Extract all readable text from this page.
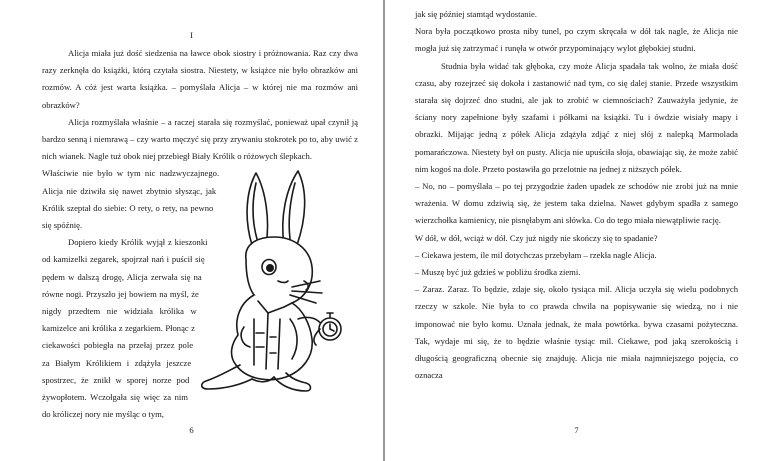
I

Alicja miała już dość siedzenia na ławce obok siostry i próżnowania. Raz czy dwa razy zerknęła do książki, którą czytała siostra. Niestety, w książce nie było obrazków ani rozmów. A cóż jest warta książka. – pomyślała Alicja – w której nie ma rozmów ani obrazków?

Alicja rozmyślała właśnie – a raczej starała się rozmyślać, ponieważ upał czynił ją bardzo senną i niemrawą – czy warto męczyć się przy zrywaniu stokrotek po to, aby uwić z nich wianek. Nagle tuż obok niej przebiegł Biały Królik o różowych ślepkach.

Właściwie nie było w tym nic nadzwyczajnego. Alicja nie dziwiła się nawet zbytnio słysząc, jak Królik szeptał do siebie: O rety, o rety, na pewno się spóźnię.

Dopiero kiedy Królik wyjął z kieszonki od kamizelki zegarek, spojrzał nań i puścił się pędem w dalszą drogę, Alicja zerwała się na równe nogi. Przyszło jej bowiem na myśl, że nigdy przedtem nie widziała królika w kamizelce ani królika z zegarkiem. Płonąc z ciekawości pobiegła na przełaj przez pole za Białym Królikiem i zdążyła jeszcze spostrzec, że znikł w sporej norze pod żywopłotem. Wczołgała się więc za nim do króliczej nory nie myśląc o tym,

6

jak się później stamtąd wydostanie.

Nora była początkowo prosta niby tunel, po czym skręcała w dół tak nagle, że Alicja nie mogła już się zatrzymać i runęła w otwór przypominający wylot głębokiej studni.

Studnia była widać tak głęboka, czy może Alicja spadała tak wolno, że miała dość czasu, aby rozejrzeć się dokoła i zastanowić nad tym, co się dalej stanie. Przede wszystkim starała się dojrzeć dno studni, ale jak to zrobić w ciemnościach? Zauważyła jedynie, że ściany nory zapełnione były szafami i półkami na książki. Tu i ówdzie wisiały mapy i obrazki. Mijając jedną z półek Alicja zdążyła zdjąć z niej słój z nalepką Marmolada pomarańczowa. Niestety był on pusty. Alicja nie upuściła słoja, obawiając się, że może zabić nim kogoś na dole. Przeto postawiła go przelotnie na jednej z niższych półek.

– No, no – pomyślała – po tej przygodzie żaden upadek ze schodów nie zrobi już na mnie wrażenia. W domu zdziwią się, że jestem taka dzielna. Nawet gdybym spadła z samego wierzchołka kamienicy, nie pisnęłabym ani słówka. Co do tego miała niewątpliwie rację.

W dół, w dół, wciąż w dół. Czy już nigdy nie skończy się to spadanie?

– Ciekawa jestem, ile mil dotychczas przebyłam – rzekła nagle Alicja.

– Muszę być już gdzieś w pobliżu środka ziemi.

– Zaraz. Zaraz. To będzie, zdaje się, około tysiąca mil. Alicja uczyła się wielu podobnych rzeczy w szkole. Nie była to co prawda chwila na popisywanie się wiedzą, no i nie imponować nie było komu. Uznała jednak, że mała powtórka. bywa czasami pożyteczna. Tak, wydaje mi się, że to będzie właśnie tysiąc mil. Ciekawe, pod jaką szerokością i długością geograficzną obecnie się znajduję. Alicja nie miała najmniejszego pojęcia, co oznacza

7
